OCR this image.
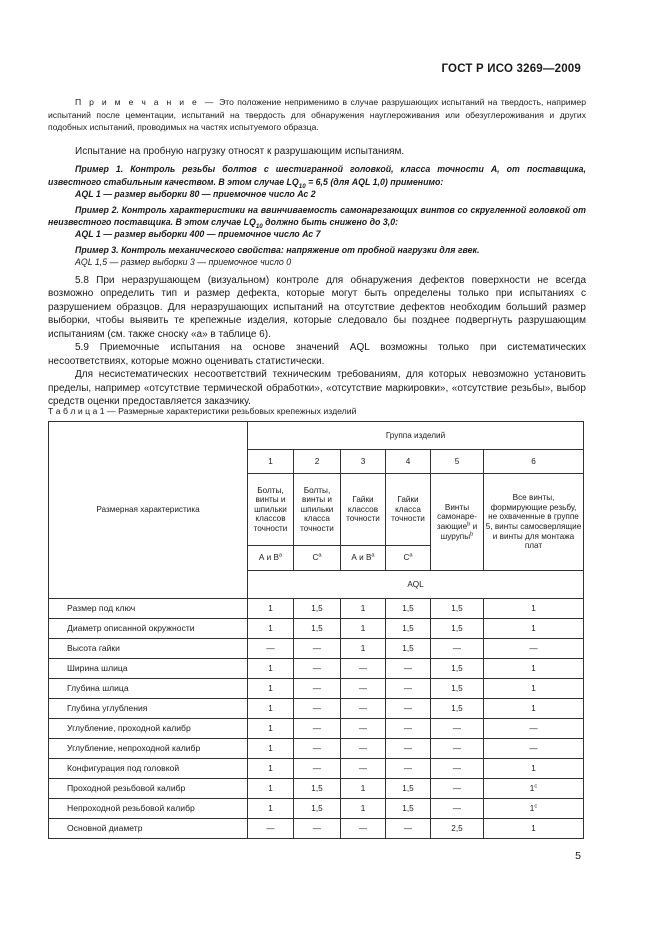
ГОСТ Р ИСО 3269—2009

П р и м е ч а н и е — Это положение неприменимо в случае разрушающих испытаний на твердость, например испытаний после цементации, испытаний на твердость для обнаружения науглероживания или обезуглероживания и других подобных испытаний, проводимых на частях испытуемого образца.

Испытание на пробную нагрузку относят к разрушающим испытаниям.

Пример 1. Контроль резьбы болтов с шестигранной головкой, класса точности А, от поставщика, известного стабильным качеством. В этом случае $LQ_{10} = 6,5$ (для AQL 1,0) применимо:

AQL 1 — размер выборки 80 — приемочное число Ас 2

Пример 2. Контроль характеристики на ввинчиваемость самонарезающих винтов со скругленной головкой от неизвестного поставщика. В этом случае $LQ_{10}$ должно быть снижено до 3,0:

AQL 1 — размер выборки 400 — приемочное число Ас 7

Пример 3. Контроль механического свойства: напряжение от пробной нагрузки для гвек.

AQL 1,5 — размер выборки 3 — приемочное число 0

5.8 При неразрушающем (визуальном) контроле для обнаружения дефектов поверхности не всегда возможно определить тип и размер дефекта, которые могут быть определены только при испытаниях с разрушением образцов. Для неразрушающих испытаний на отсутствие дефектов необходим больший размер выборки, чтобы выявить те крепежные изделия, которые следовало бы позднее подвергнуть разрушающим испытаниям (см. также сноску «а» в таблице 6).

5.9 Приемочные испытания на основе значений AQL возможны только при систематических несоответствиях, которые можно оценивать статистически.

Для несистематических несоответствий техническим требованиям, для которых невозможно установить пределы, например «отсутствие термической обработки», «отсутствие маркировки», «отсутствие резьбы», выбор средств оценки предоставляется заказчику.

Т а б л и ц а 1 — Размерные характеристики резьбовых крепежных изделий
Размерная характеристика	Группа изделий					
	1	2	3	4	5	6
	Болты, винты и шпильки классов точности	Болты, винты и шпильки класса точности	Гайки классов точности	Гайки класса точности	Винты самонаре-зающие$^b$ и шурупы$^b$	Все винты, формирующие резьбу, не охваченные в группе 5, винты самосверлящие и винты для монтажа плат
	А и $В^a$	$С^a$	А и $В^a$	$С^a$
	AQL					
Размер под ключ	1	1,5	1	1,5	1,5	1
Диаметр описанной окружности	1	1,5	1	1,5	1,5	1
Высота гайки	—	—	1	1,5	—	—
Ширина шлица	1	—	—	—	1,5	1
Глубина шлица	1	—	—	—	1,5	1
Глубина углубления	1	—	—	—	1,5	1
Углубление, проходной калибр	1	—	—	—	—	—
Углубление, непроходной калибр	1	—	—	—	—	—
Конфигурация под головкой	1	—	—	—	—	1
Проходной резьбовой калибр	1	1,5	1	1,5	—	1$^c$
Непроходной резьбовой калибр	1	1,5	1	1,5	—	1$^c$
Основной диаметр	—	—	—	—	2,5	1
5
